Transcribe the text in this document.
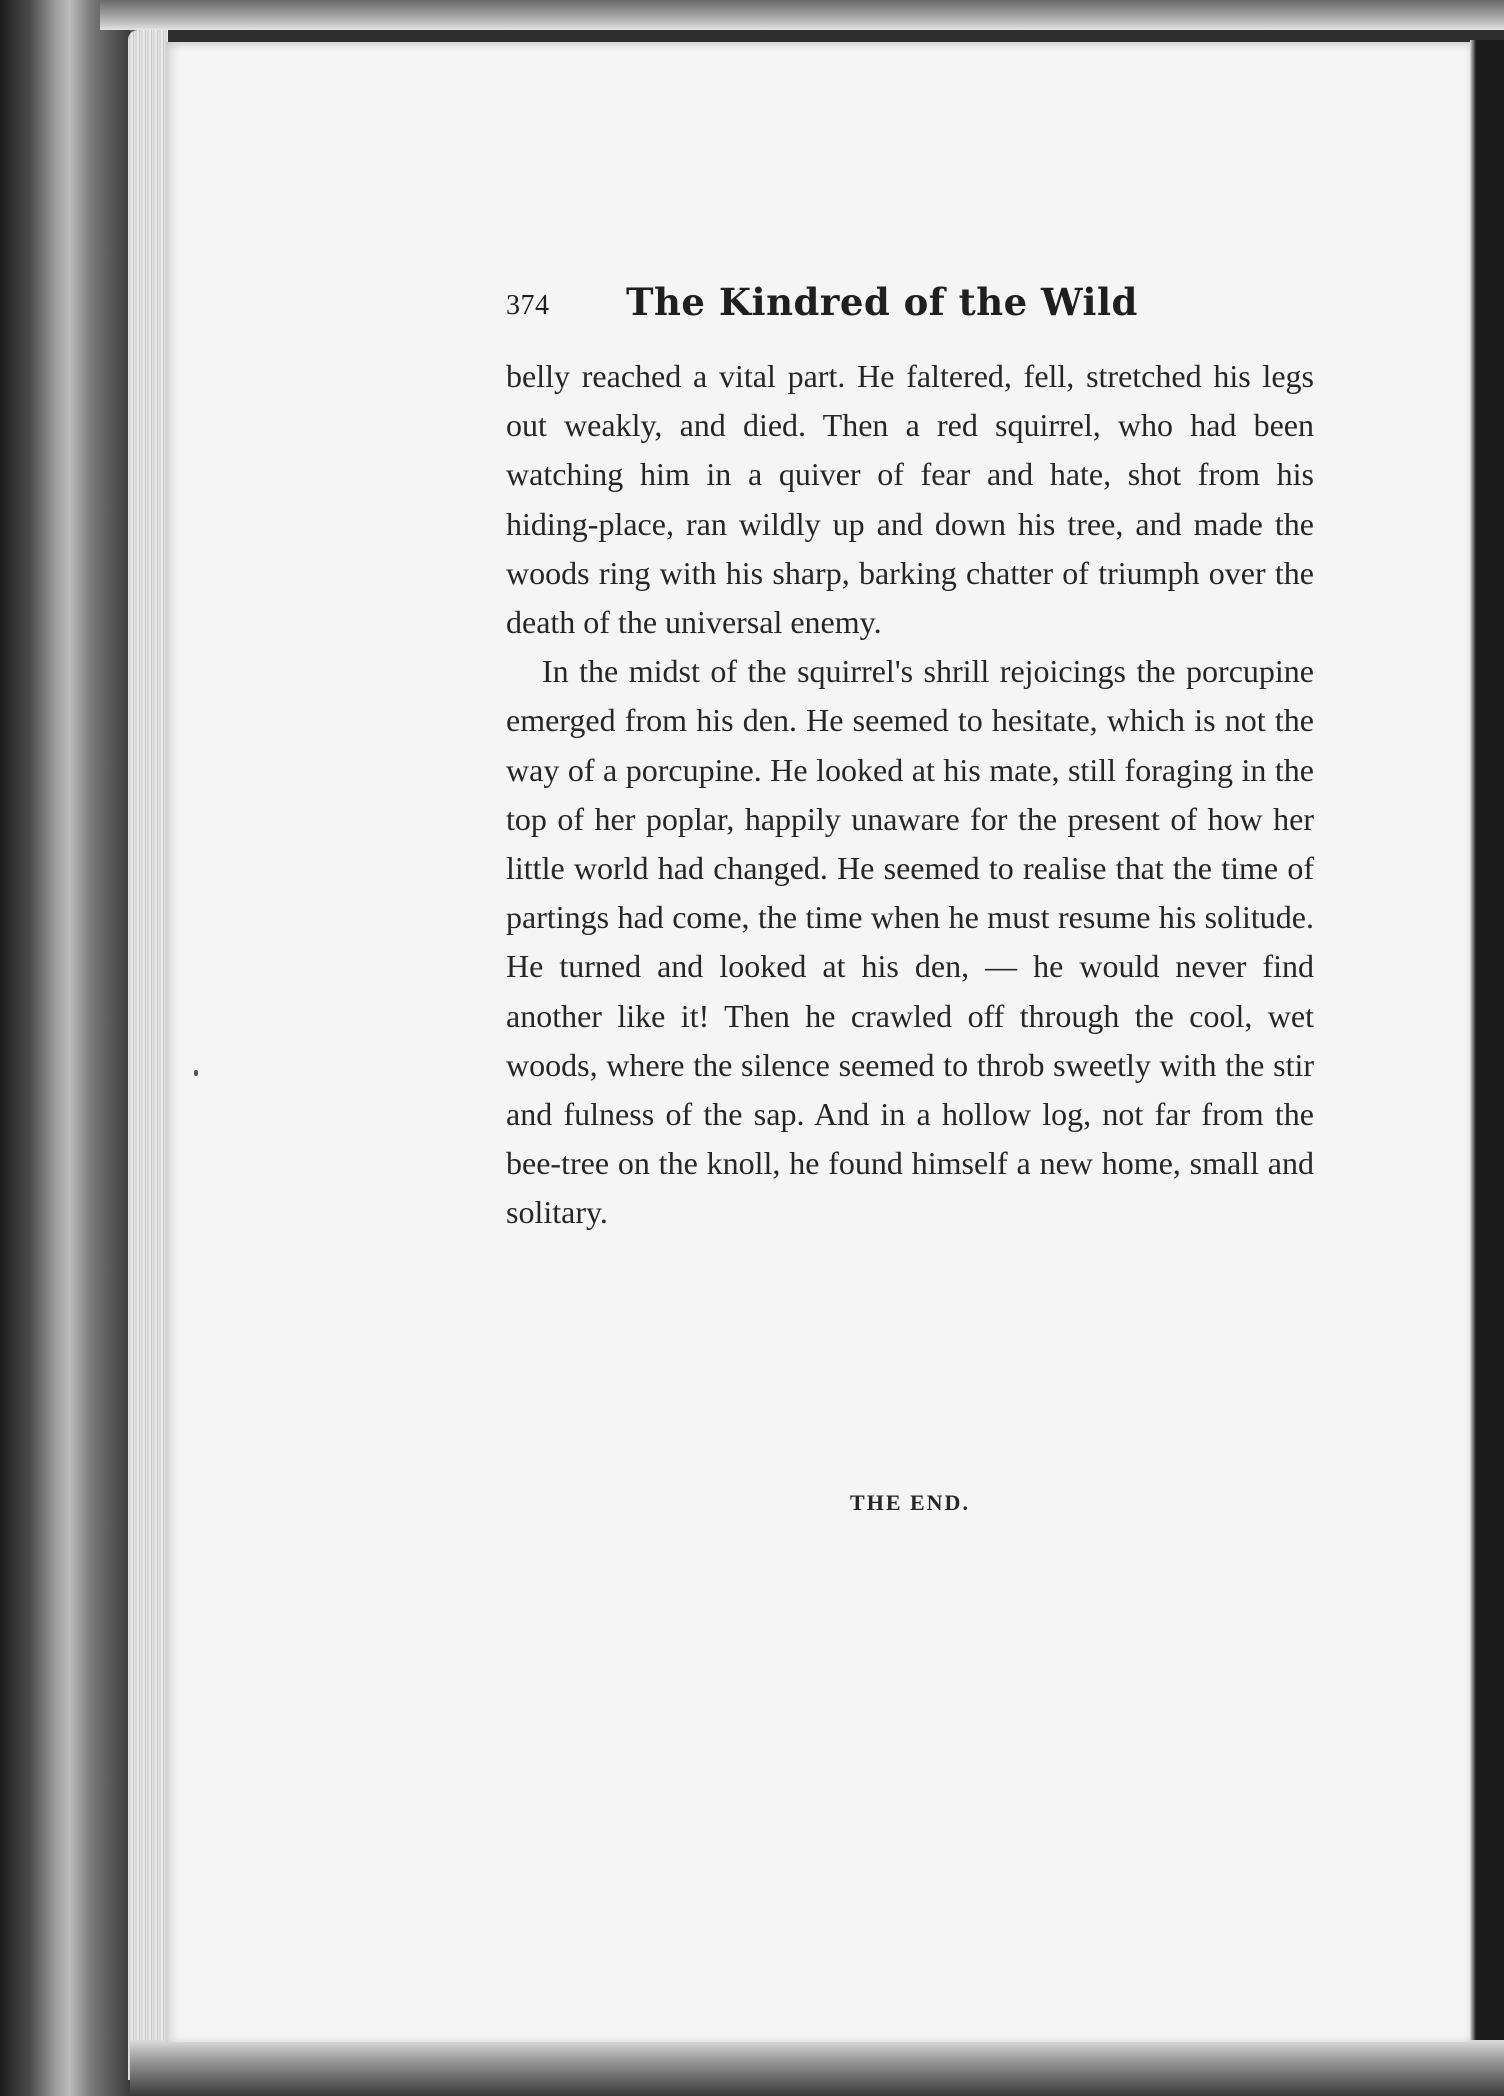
374 The Kindred of the Wild

belly reached a vital part. He faltered, fell, stretched his legs out weakly, and died. Then a red squirrel, who had been watching him in a quiver of fear and hate, shot from his hiding-place, ran wildly up and down his tree, and made the woods ring with his sharp, barking chatter of triumph over the death of the universal enemy.

In the midst of the squirrel's shrill rejoicings the porcupine emerged from his den. He seemed to hesitate, which is not the way of a porcupine. He looked at his mate, still foraging in the top of her poplar, happily unaware for the present of how her little world had changed. He seemed to realise that the time of partings had come, the time when he must resume his solitude. He turned and looked at his den, — he would never find another like it! Then he crawled off through the cool, wet woods, where the silence seemed to throb sweetly with the stir and fulness of the sap. And in a hollow log, not far from the bee-tree on the knoll, he found himself a new home, small and solitary.

THE END.
